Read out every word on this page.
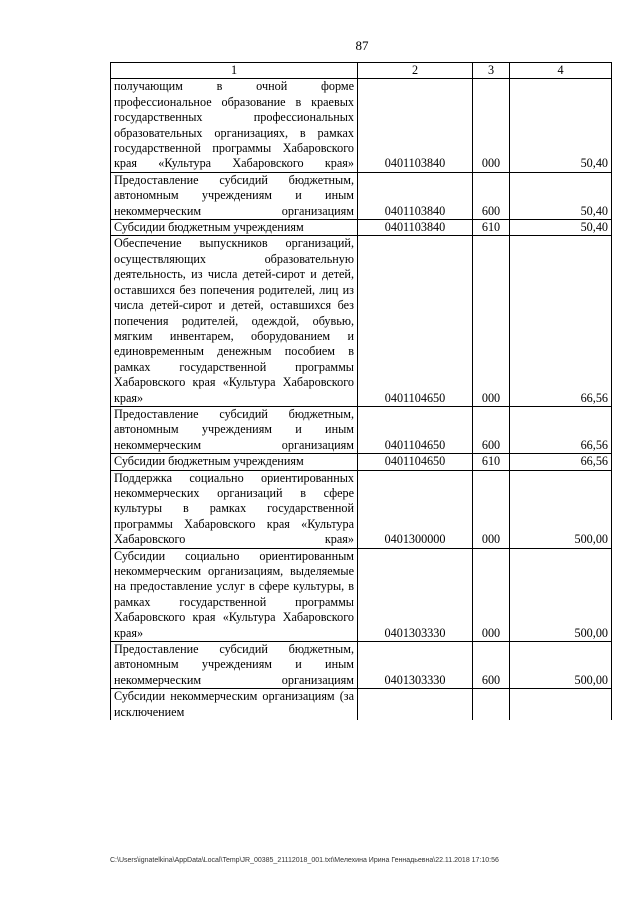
87
1	2	3	4
получающим в очной форме профессиональное образование в краевых государственных профессиональных образовательных организациях, в рамках государственной программы Хабаровского края «Культура Хабаровского края»	0401103840	000	50,40
Предоставление субсидий бюджетным, автономным учреждениям и иным некоммерческим организациям	0401103840	600	50,40
Субсидии бюджетным учреждениям	0401103840	610	50,40
Обеспечение выпускников организаций, осуществляющих образовательную деятельность, из числа детей-сирот и детей, оставшихся без попечения родителей, лиц из числа детей-сирот и детей, оставшихся без попечения родителей, одеждой, обувью, мягким инвентарем, оборудованием и единовременным денежным пособием в рамках государственной программы Хабаровского края «Культура Хабаровского края»	0401104650	000	66,56
Предоставление субсидий бюджетным, автономным учреждениям и иным некоммерческим организациям	0401104650	600	66,56
Субсидии бюджетным учреждениям	0401104650	610	66,56
Поддержка социально ориентированных некоммерческих организаций в сфере культуры в рамках государственной программы Хабаровского края «Культура Хабаровского края»	0401300000	000	500,00
Субсидии социально ориентированным некоммерческим организациям, выделяемые на предоставление услуг в сфере культуры, в рамках государственной программы Хабаровского края «Культура Хабаровского края»	0401303330	000	500,00
Предоставление субсидий бюджетным, автономным учреждениям и иным некоммерческим организациям	0401303330	600	500,00
Субсидии некоммерческим организациям (за исключением			
C:\Users\ignatelkina\AppData\Local\Temp\JR_00385_21112018_001.txt\Мелехина Ирина Геннадьевна\22.11.2018 17:10:56
